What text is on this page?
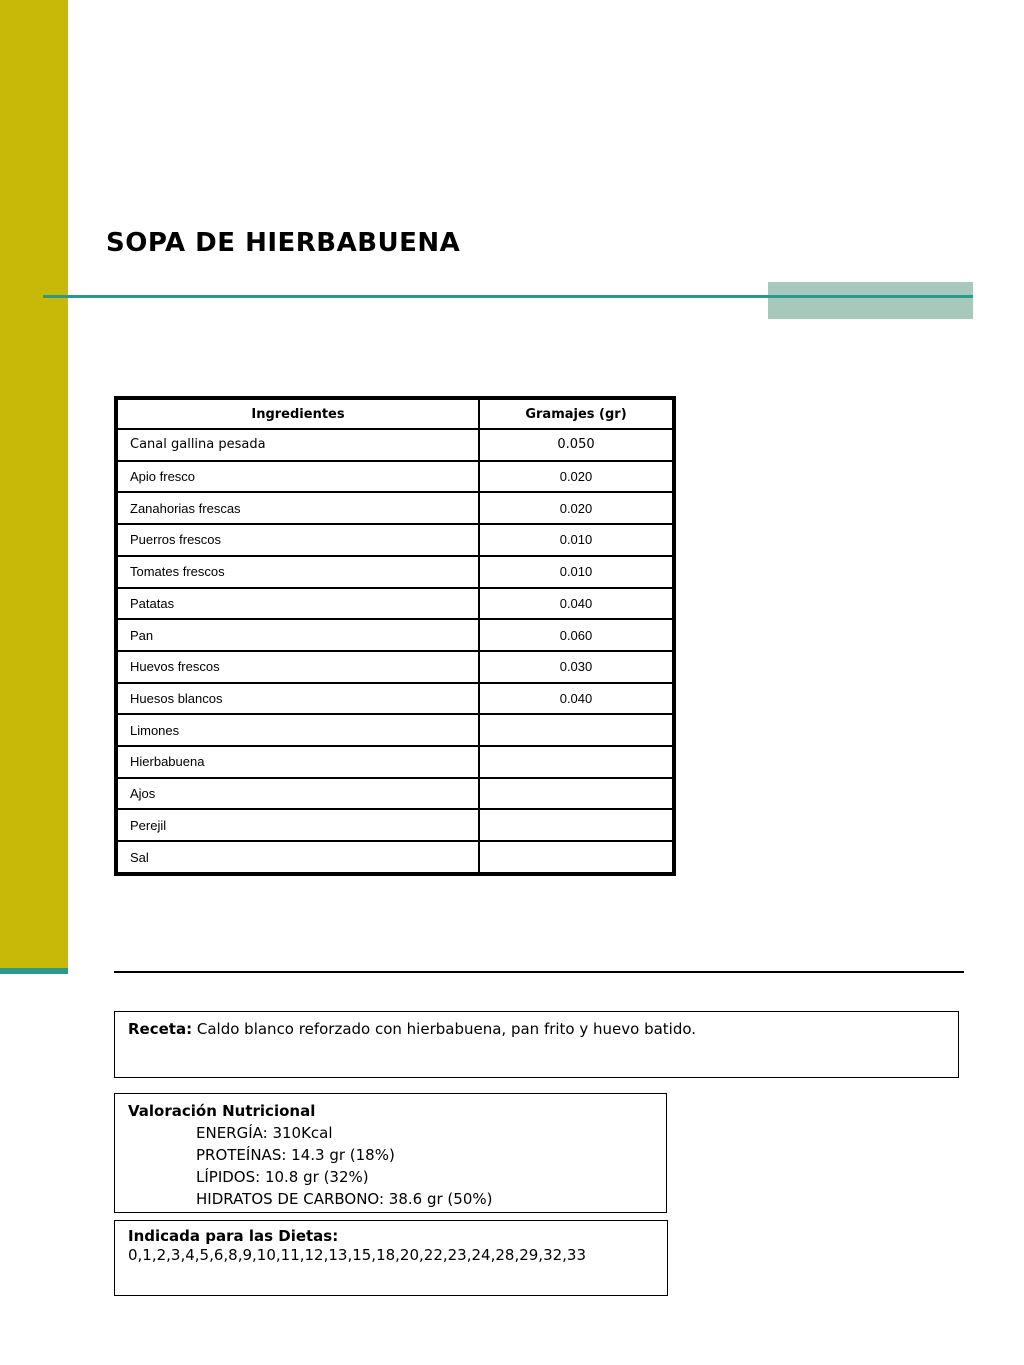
SOPA DE HIERBABUENA
Ingredientes	Gramajes (gr)
Canal gallina pesada	0.050
Apio fresco	0.020
Zanahorias frescas	0.020
Puerros frescos	0.010
Tomates frescos	0.010
Patatas	0.040
Pan	0.060
Huevos frescos	0.030
Huesos blancos	0.040
Limones	
Hierbabuena	
Ajos	
Perejil	
Sal	
Receta: Caldo blanco reforzado con hierbabuena, pan frito y huevo batido.
Valoración Nutricional
ENERGÍA: 310Kcal
PROTEÍNAS: 14.3 gr (18%)
LÍPIDOS: 10.8 gr (32%)
HIDRATOS DE CARBONO: 38.6 gr (50%)
Indicada para las Dietas:
0,1,2,3,4,5,6,8,9,10,11,12,13,15,18,20,22,23,24,28,29,32,33
